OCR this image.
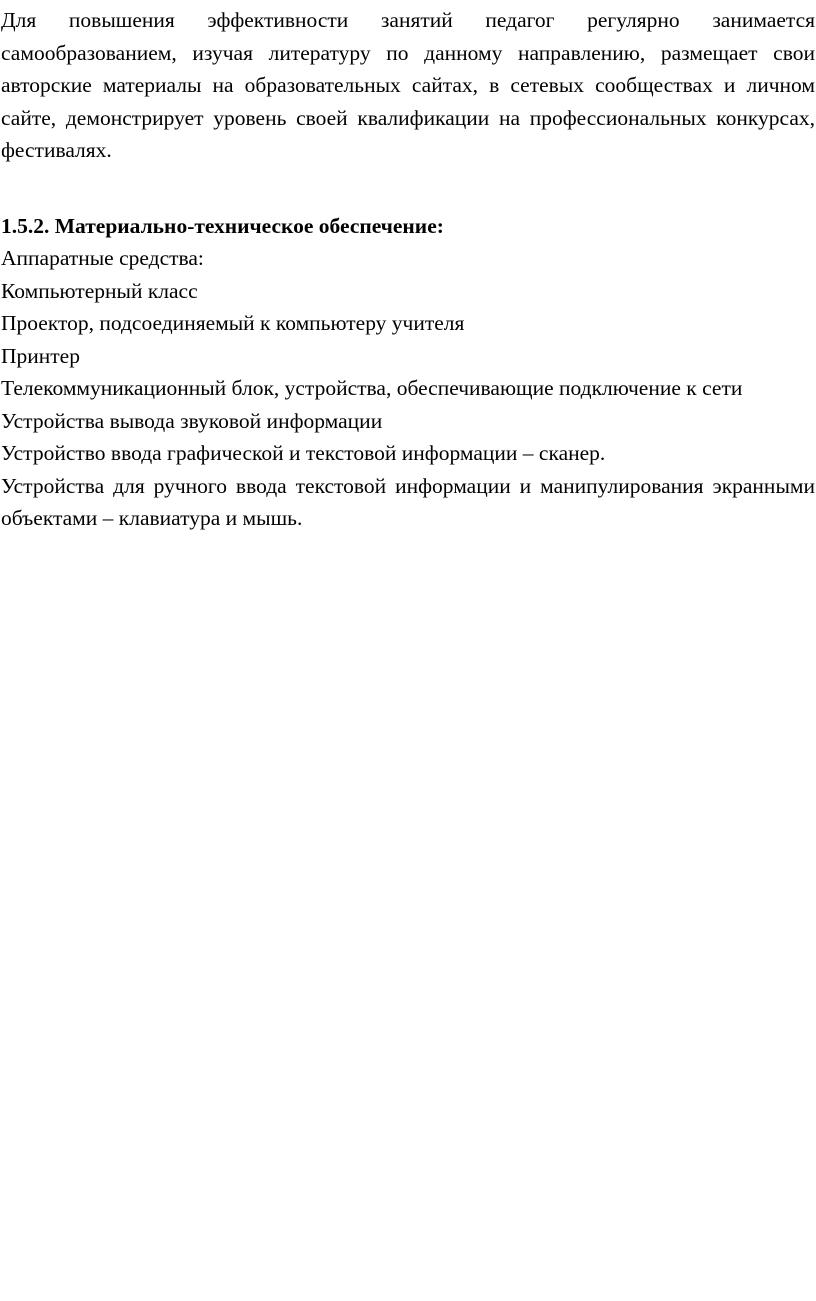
Для повышения эффективности занятий педагог регулярно занимается самообразованием, изучая литературу по данному направлению, размещает свои авторские материалы на образовательных сайтах, в сетевых сообществах и личном сайте, демонстрирует уровень своей квалификации на профессиональных конкурсах, фестивалях.

1.5.2. Материально-техническое обеспечение:

Аппаратные средства:
Компьютерный класс
Проектор, подсоединяемый к компьютеру учителя
Принтер
Телекоммуникационный блок, устройства, обеспечивающие подключение к сети
Устройства вывода звуковой информации
Устройство ввода графической и текстовой информации – сканер.
Устройства для ручного ввода текстовой информации и манипулирования экранными объектами – клавиатура и мышь.
